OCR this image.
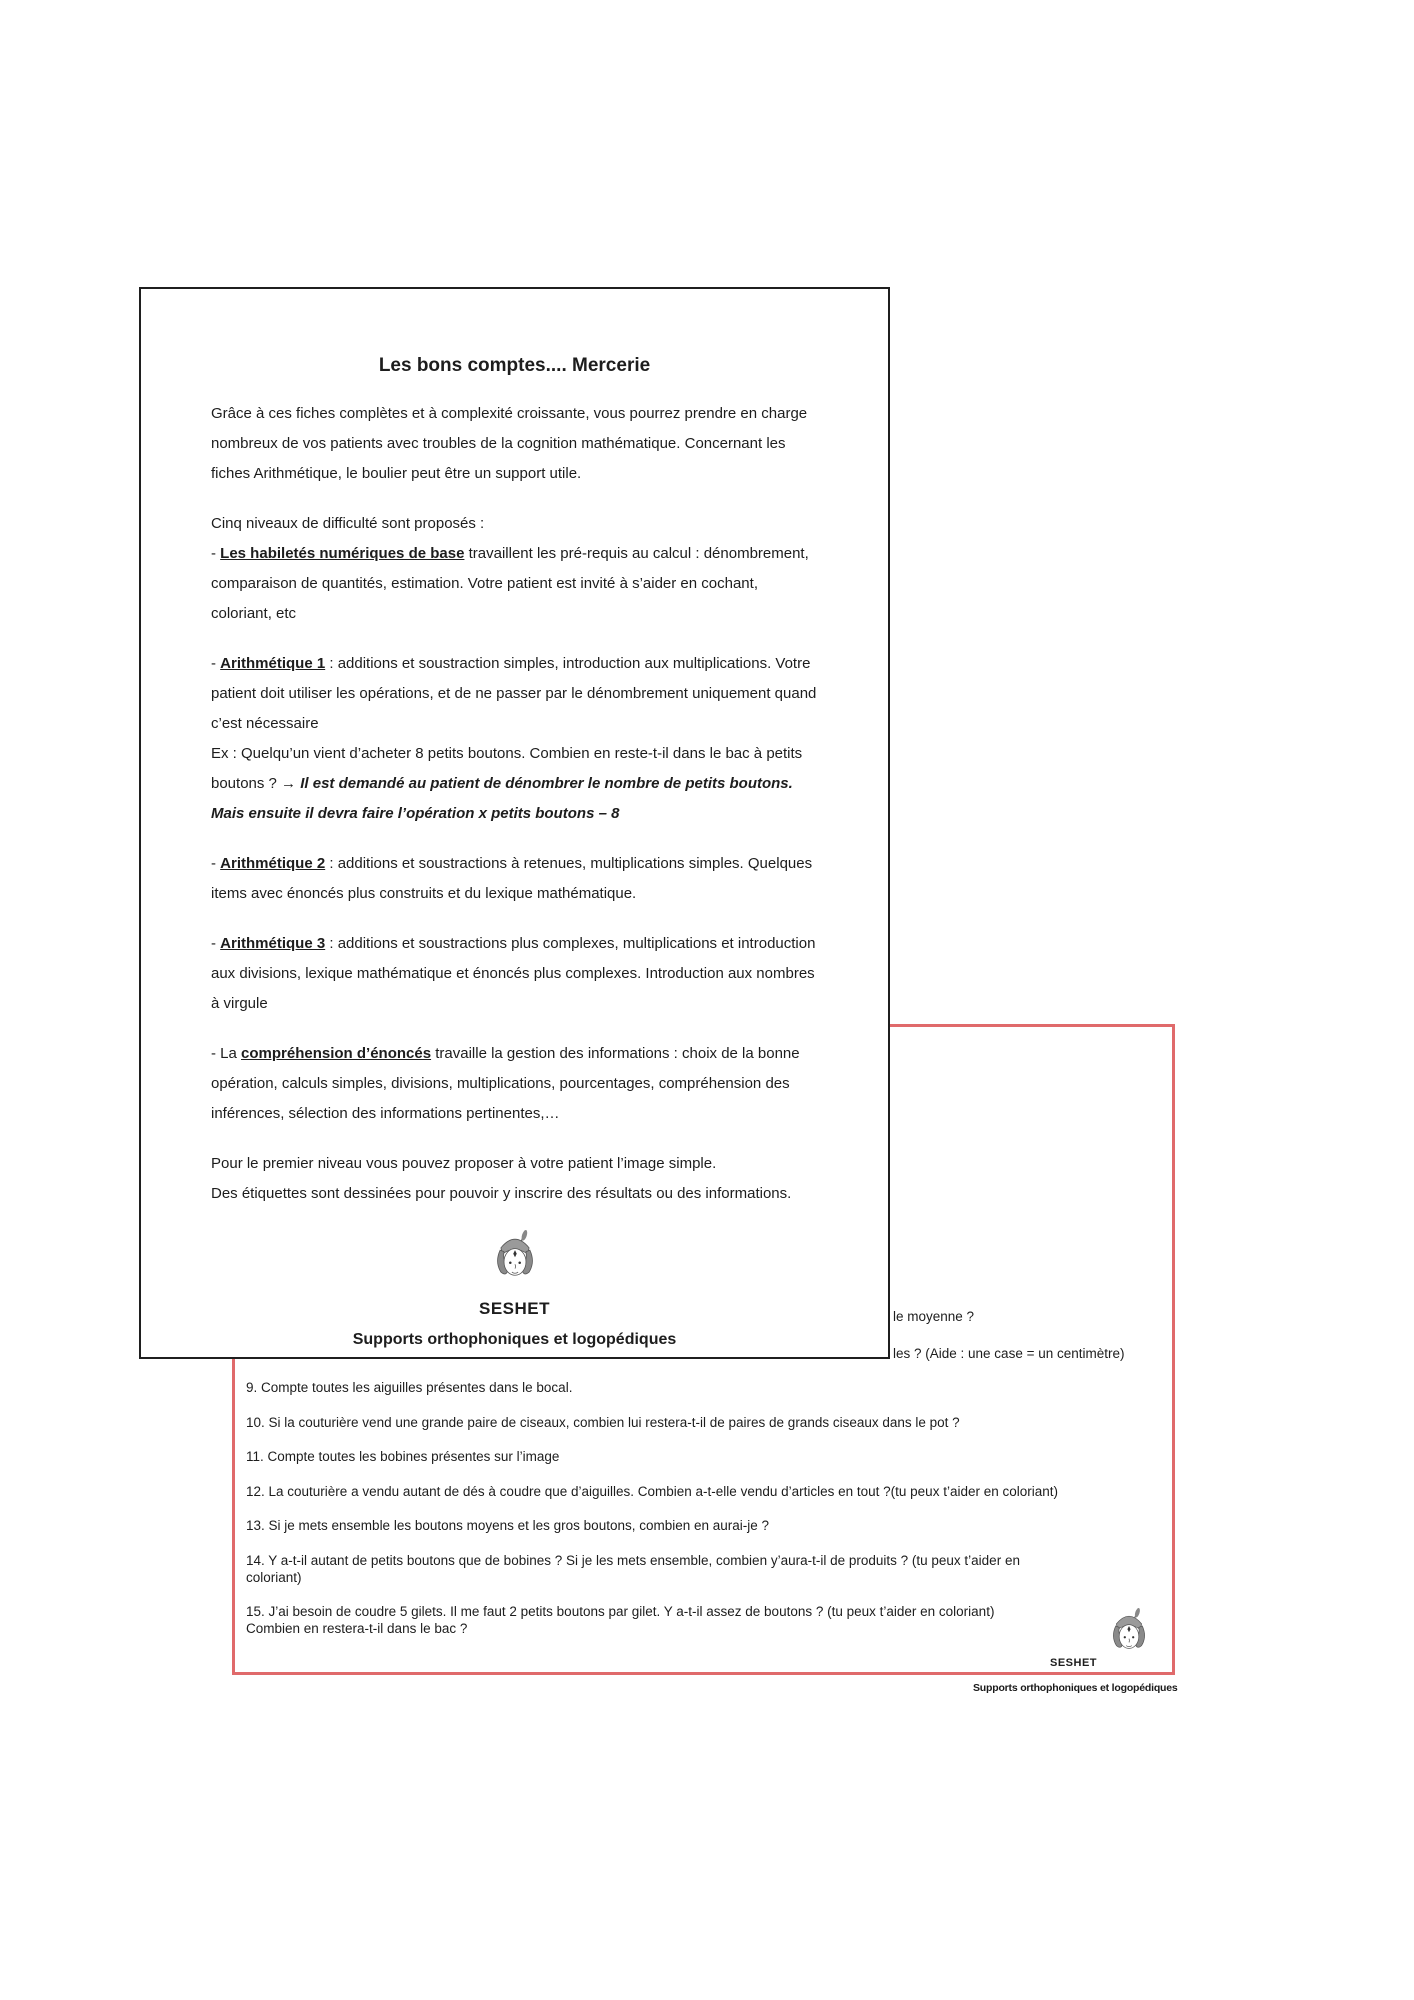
le moyenne ?
les ? (Aide : une case = un centimètre)
9. Compte toutes les aiguilles présentes dans le bocal.
10. Si la couturière vend une grande paire de ciseaux, combien lui restera-t-il de paires de grands ciseaux dans le pot ?
11. Compte toutes les bobines présentes sur l’image
12. La couturière a vendu autant de dés à coudre que d’aiguilles. Combien a-t-elle vendu d’articles en tout ?(tu peux t’aider en coloriant)
13. Si je mets ensemble les boutons moyens et les gros boutons, combien en aurai-je ?
14. Y a-t-il autant de petits boutons que de bobines ? Si je les mets ensemble, combien y’aura-t-il de produits ? (tu peux t’aider en
coloriant)
15. J’ai besoin de coudre 5 gilets. Il me faut 2 petits boutons par gilet. Y a-t-il assez de boutons ? (tu peux t’aider en coloriant)
Combien en restera-t-il dans le bac ?
SESHET
Supports orthophoniques et logopédiques
Les bons comptes.... Mercerie

Grâce à ces fiches complètes et à complexité croissante, vous pourrez prendre en charge nombreux de vos patients avec troubles de la cognition mathématique. Concernant les fiches Arithmétique, le boulier peut être un support utile.

Cinq niveaux de difficulté sont proposés :

- Les habiletés numériques de base travaillent les pré-requis au calcul : dénombrement, comparaison de quantités, estimation. Votre patient est invité à s’aider en cochant, coloriant, etc

- Arithmétique 1 : additions et soustraction simples, introduction aux multiplications. Votre patient doit utiliser les opérations, et de ne passer par le dénombrement uniquement quand c’est nécessaire

Ex : Quelqu’un vient d’acheter 8 petits boutons. Combien en reste-t-il dans le bac à petits boutons ? → Il est demandé au patient de dénombrer le nombre de petits boutons. Mais ensuite il devra faire l’opération x petits boutons – 8

- Arithmétique 2 : additions et soustractions à retenues, multiplications simples. Quelques items avec énoncés plus construits et du lexique mathématique.

- Arithmétique 3 : additions et soustractions plus complexes, multiplications et introduction aux divisions, lexique mathématique et énoncés plus complexes. Introduction aux nombres à virgule

- La compréhension d’énoncés travaille la gestion des informations : choix de la bonne opération, calculs simples, divisions, multiplications, pourcentages, compréhension des inférences, sélection des informations pertinentes,…

Pour le premier niveau vous pouvez proposer à votre patient l’image simple.
Des étiquettes sont dessinées pour pouvoir y inscrire des résultats ou des informations.
SESHET
Supports orthophoniques et logopédiques
